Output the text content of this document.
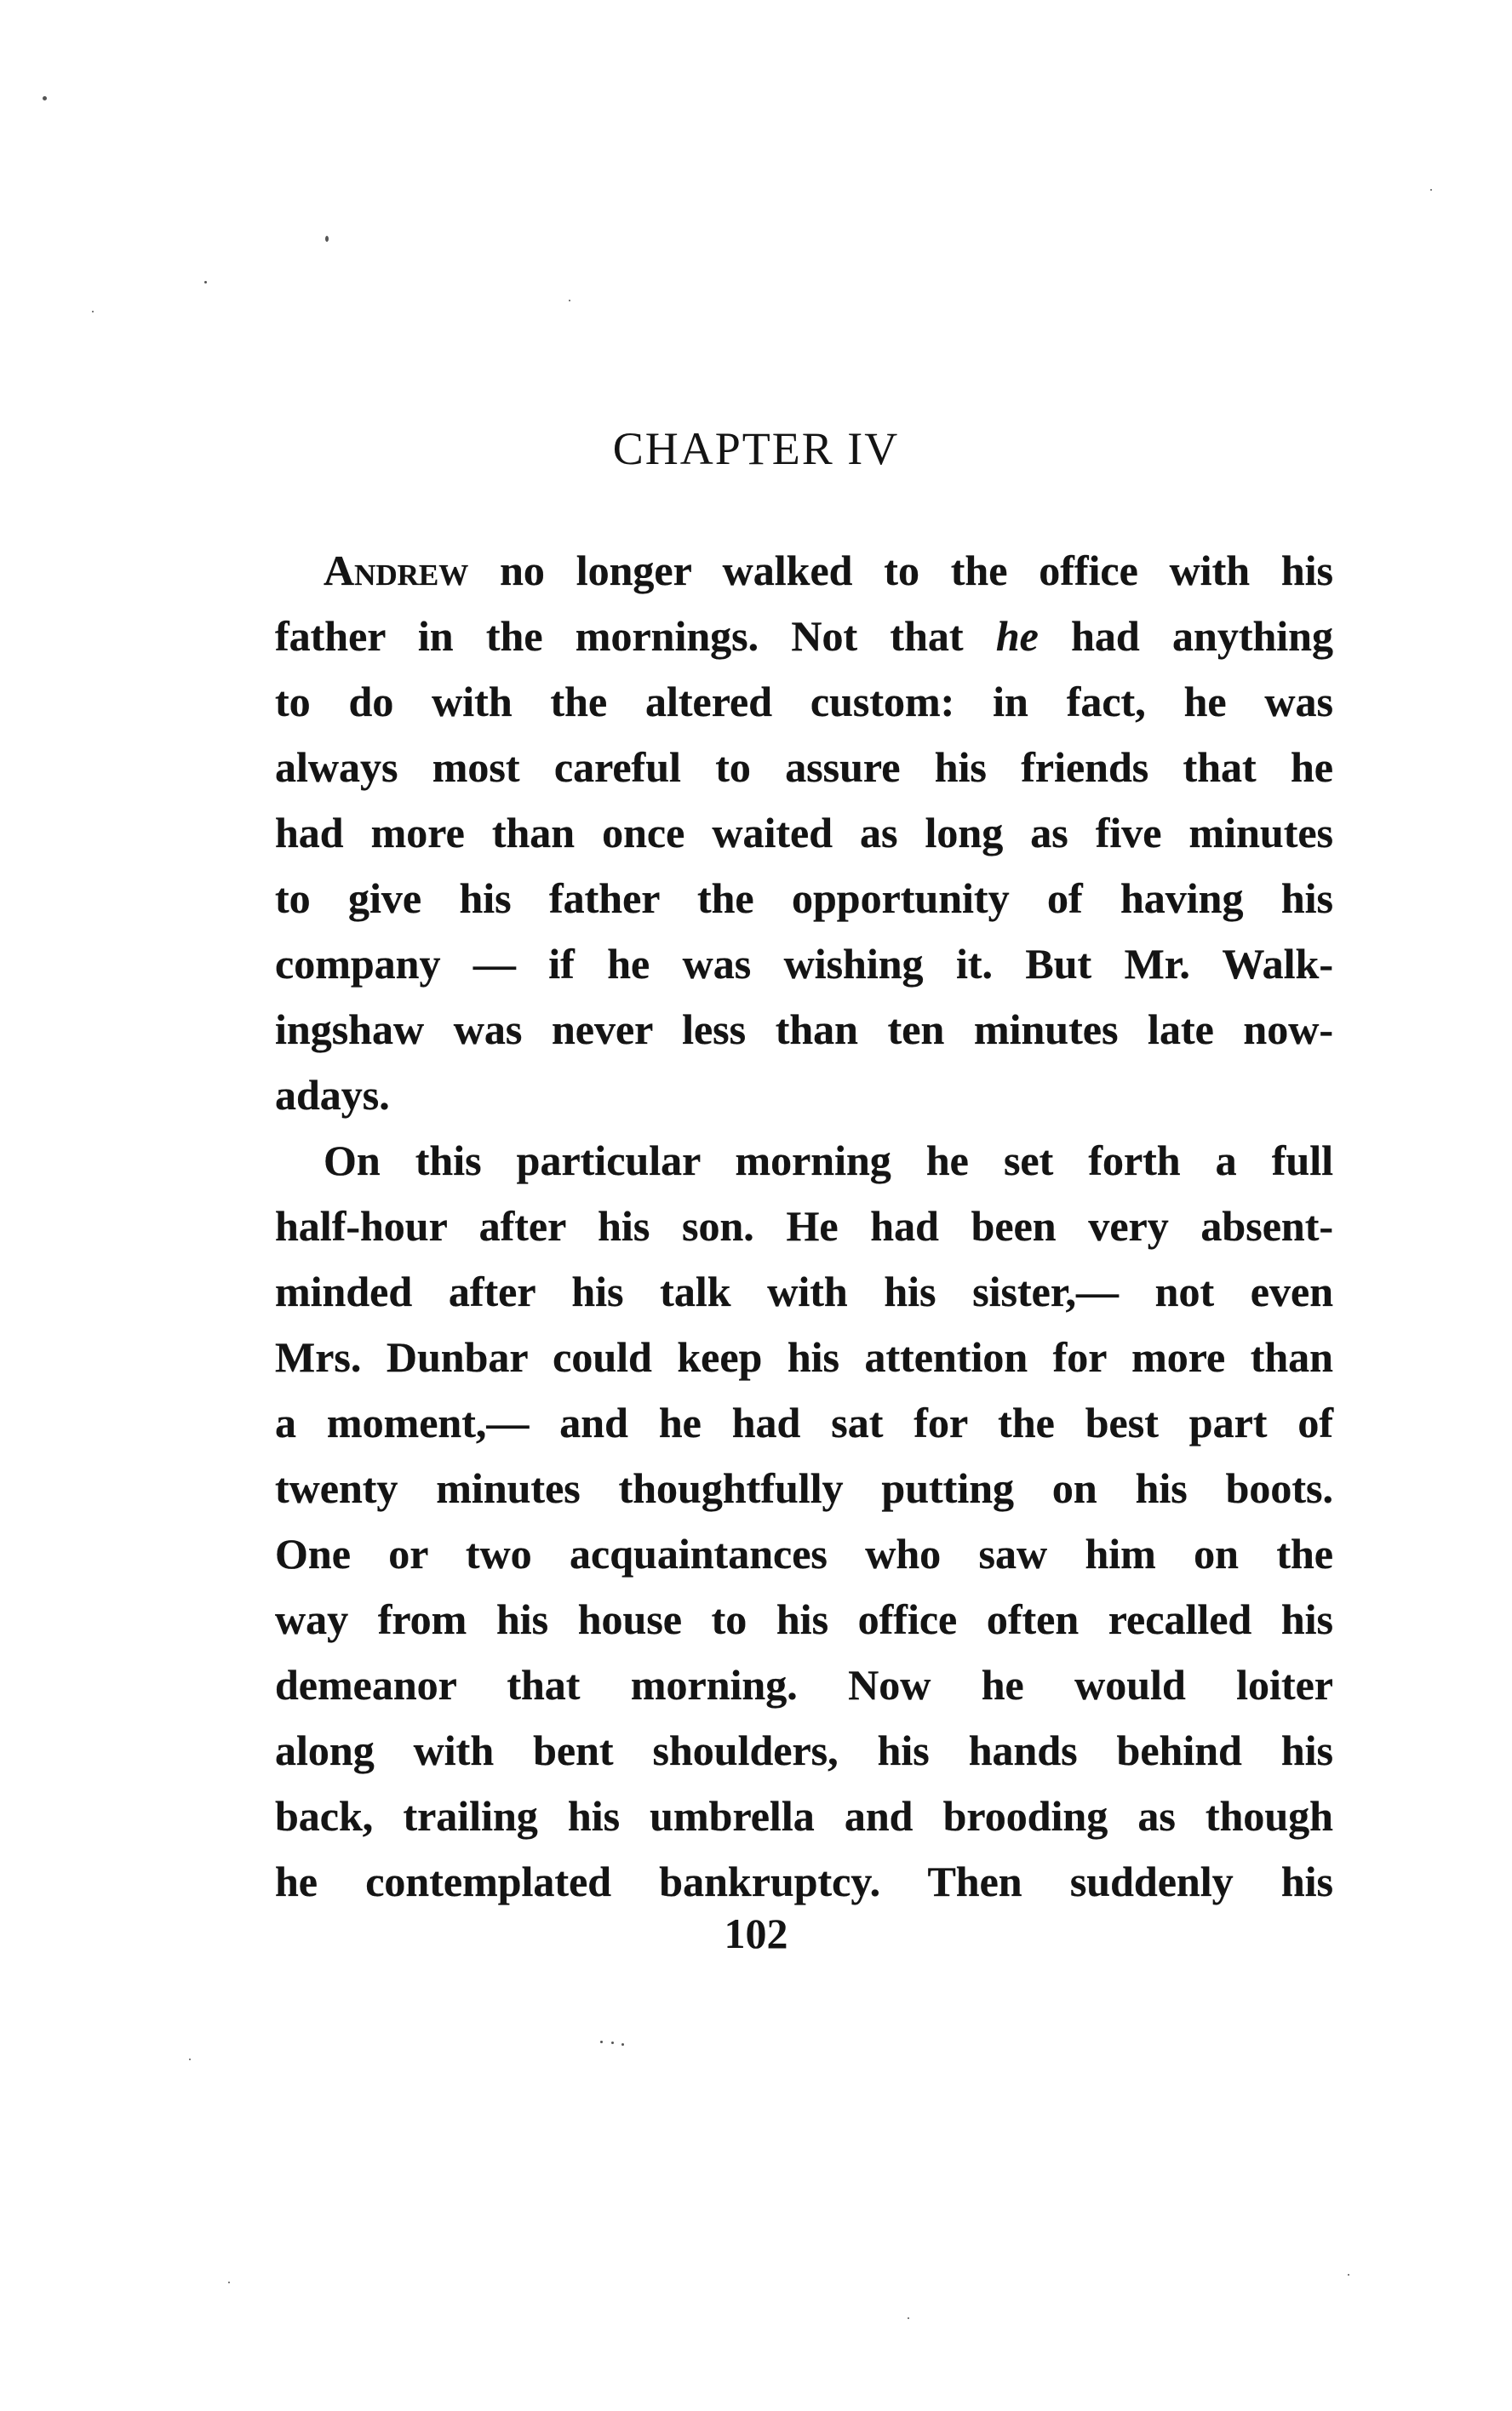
CHAPTER IV
Andrew no longer walked to the office with his
father in the mornings. Not that he had anything
to do with the altered custom: in fact, he was
always most careful to assure his friends that he
had more than once waited as long as five minutes
to give his father the opportunity of having his
company — if he was wishing it. But Mr. Walk-
ingshaw was never less than ten minutes late now-
adays.
On this particular morning he set forth a full
half-hour after his son. He had been very absent-
minded after his talk with his sister,— not even
Mrs. Dunbar could keep his attention for more than
a moment,— and he had sat for the best part of
twenty minutes thoughtfully putting on his boots.
One or two acquaintances who saw him on the
way from his house to his office often recalled his
demeanor that morning. Now he would loiter
along with bent shoulders, his hands behind his
back, trailing his umbrella and brooding as though
he contemplated bankruptcy. Then suddenly his
102
